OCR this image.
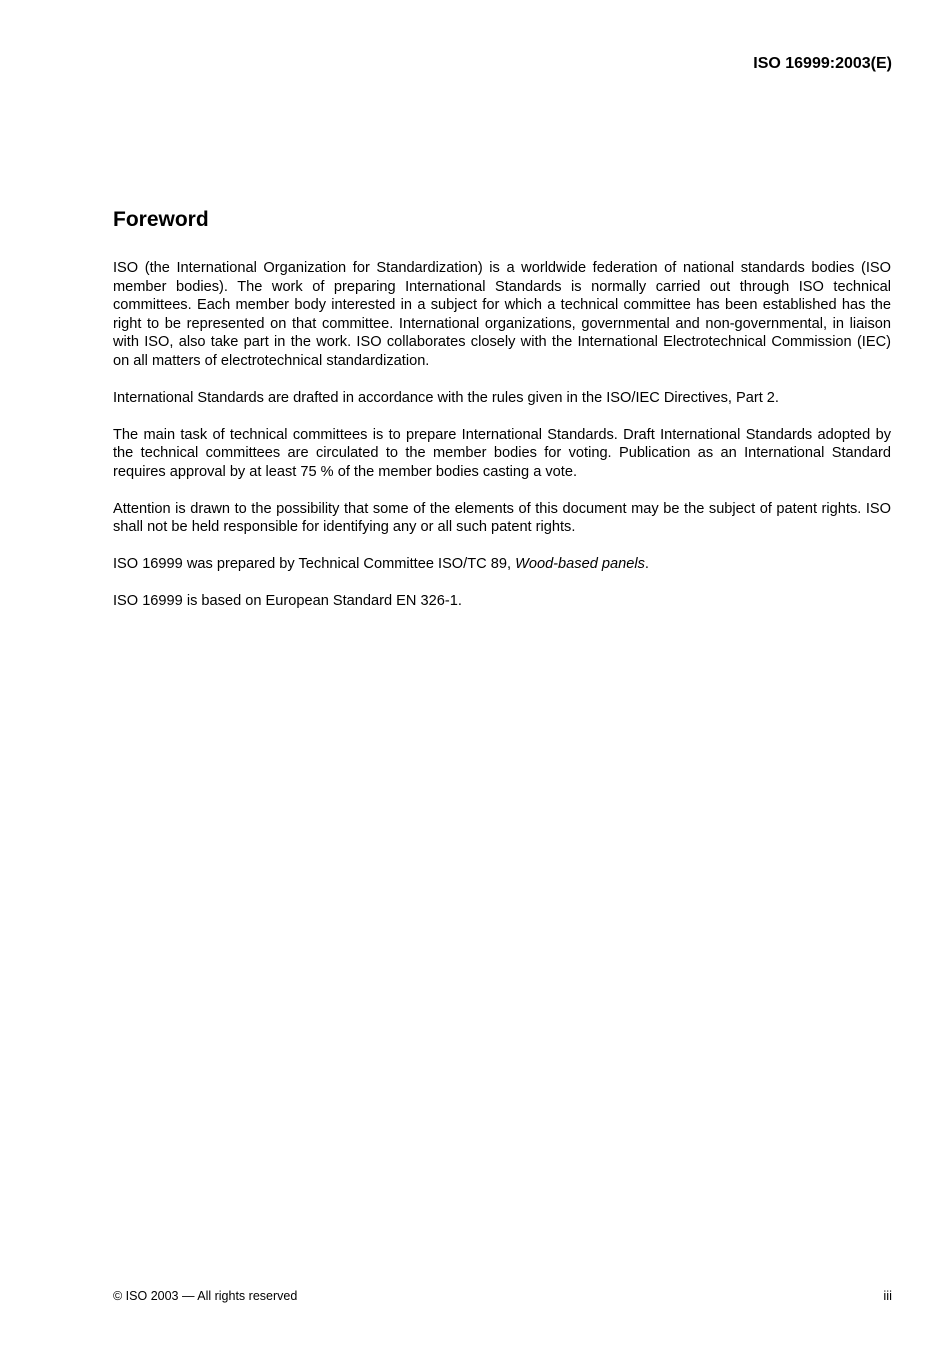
ISO 16999:2003(E)
Foreword

ISO (the International Organization for Standardization) is a worldwide federation of national standards bodies (ISO member bodies). The work of preparing International Standards is normally carried out through ISO technical committees. Each member body interested in a subject for which a technical committee has been established has the right to be represented on that committee. International organizations, governmental and non-governmental, in liaison with ISO, also take part in the work. ISO collaborates closely with the International Electrotechnical Commission (IEC) on all matters of electrotechnical standardization.

International Standards are drafted in accordance with the rules given in the ISO/IEC Directives, Part 2.

The main task of technical committees is to prepare International Standards. Draft International Standards adopted by the technical committees are circulated to the member bodies for voting. Publication as an International Standard requires approval by at least 75 % of the member bodies casting a vote.

Attention is drawn to the possibility that some of the elements of this document may be the subject of patent rights. ISO shall not be held responsible for identifying any or all such patent rights.

ISO 16999 was prepared by Technical Committee ISO/TC 89, Wood-based panels.

ISO 16999 is based on European Standard EN 326-1.

© ISO 2003 — All rights reserved	iii
